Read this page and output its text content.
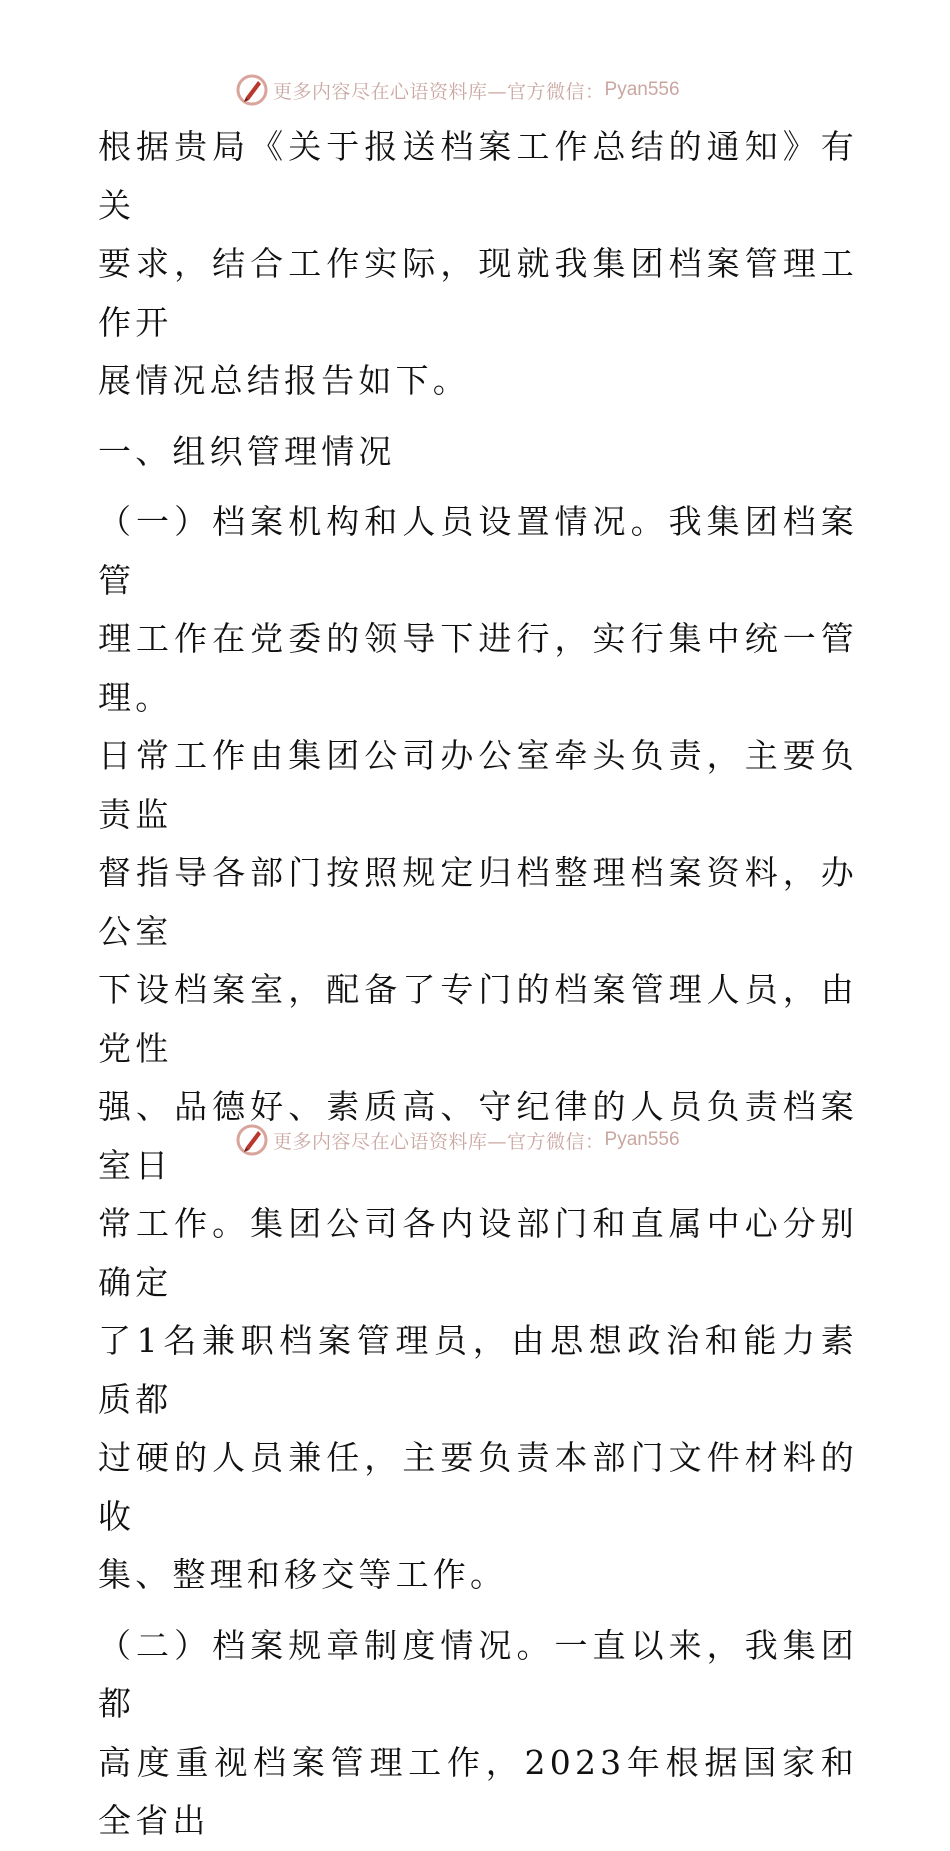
更多内容尽在心语资料库—官方微信： Pyan556

根据贵局《关于报送档案工作总结的通知》有关
要求，结合工作实际，现就我集团档案管理工作开
展情况总结报告如下。

一、组织管理情况

（一）档案机构和人员设置情况。我集团档案管
理工作在党委的领导下进行，实行集中统一管理。
日常工作由集团公司办公室牵头负责，主要负责监
督指导各部门按照规定归档整理档案资料，办公室
下设档案室，配备了专门的档案管理人员，由党性
强、品德好、素质高、守纪律的人员负责档案室日
常工作。集团公司各内设部门和直属中心分别确定
了1名兼职档案管理员，由思想政治和能力素质都
过硬的人员兼任，主要负责本部门文件材料的收
集、整理和移交等工作。

（二）档案规章制度情况。一直以来，我集团都
高度重视档案管理工作，2023年根据国家和全省出

更多内容尽在心语资料库—官方微信： Pyan556
